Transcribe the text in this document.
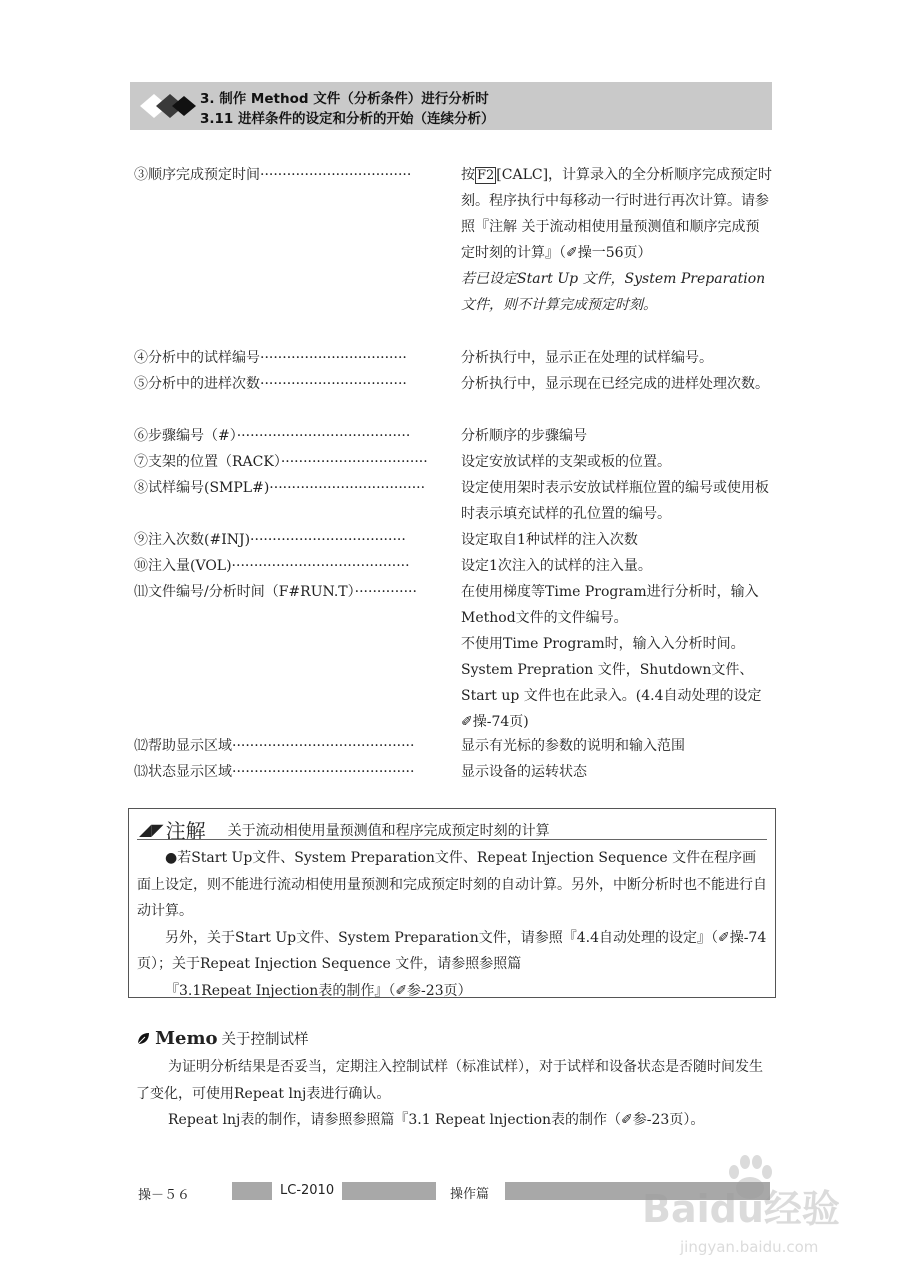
3. 制作 Method 文件（分析条件）进行分析时
3.11 进样条件的设定和分析的开始（连续分析）
③顺序完成预定时间··································	按 F2 [CALC]，计算录入的全分析顺序完成预定时刻。程序执行中每移动一行时进行再次计算。请参照『注解 关于流动相使用量预测值和顺序完成预定时刻的计算』（✐操一56页）
若已设定Start Up 文件，System Preparation文件，则不计算完成预定时刻。
④分析中的试样编号·································	分析执行中，显示正在处理的试样编号。
⑤分析中的进样次数·································	分析执行中，显示现在已经完成的进样处理次数。
⑥步骤编号（#）·······································	分析顺序的步骤编号
⑦支架的位置（RACK）·································	设定安放试样的支架或板的位置。
⑧试样编号(SMPL#)···································	设定使用架时表示安放试样瓶位置的编号或使用板时表示填充试样的孔位置的编号。
⑨注入次数(#INJ)···································	设定取自1种试样的注入次数
⑩注入量(VOL)········································	设定1次注入的试样的注入量。
⑾文件编号/分析时间（F#RUN.T）··············	在使用梯度等Time Program进行分析时，输入Method文件的文件编号。
不使用Time Program时，输入入分析时间。
System Prepration 文件，Shutdown文件、Start up 文件也在此录入。(4.4自动处理的设定✐操-74页)
⑿帮助显示区域·········································	显示有光标的参数的说明和输入范围
⒀状态显示区域·········································	显示设备的运转状态
◢◤ 注解 关于流动相使用量预测值和程序完成预定时刻的计算

●若Start Up文件、System Preparation文件、Repeat Injection Sequence 文件在程序画面上设定，则不能进行流动相使用量预测和完成预定时刻的自动计算。另外，中断分析时也不能进行自动计算。

另外，关于Start Up文件、System Preparation文件，请参照『4.4自动处理的设定』（✐操-74页）；关于Repeat Injection Sequence 文件，请参照参照篇

『3.1Repeat Injection表的制作』（✐参-23页）

Memo 关于控制试样

为证明分析结果是否妥当，定期注入控制试样（标准试样），对于试样和设备状态是否随时间发生了变化，可使用Repeat lnj表进行确认。

Repeat lnj表的制作，请参照参照篇『3.1 Repeat lnjection表的制作（✐参-23页）。

操－５６	LC-2010	操作篇	Baidu经验
jingyan.baidu.com
